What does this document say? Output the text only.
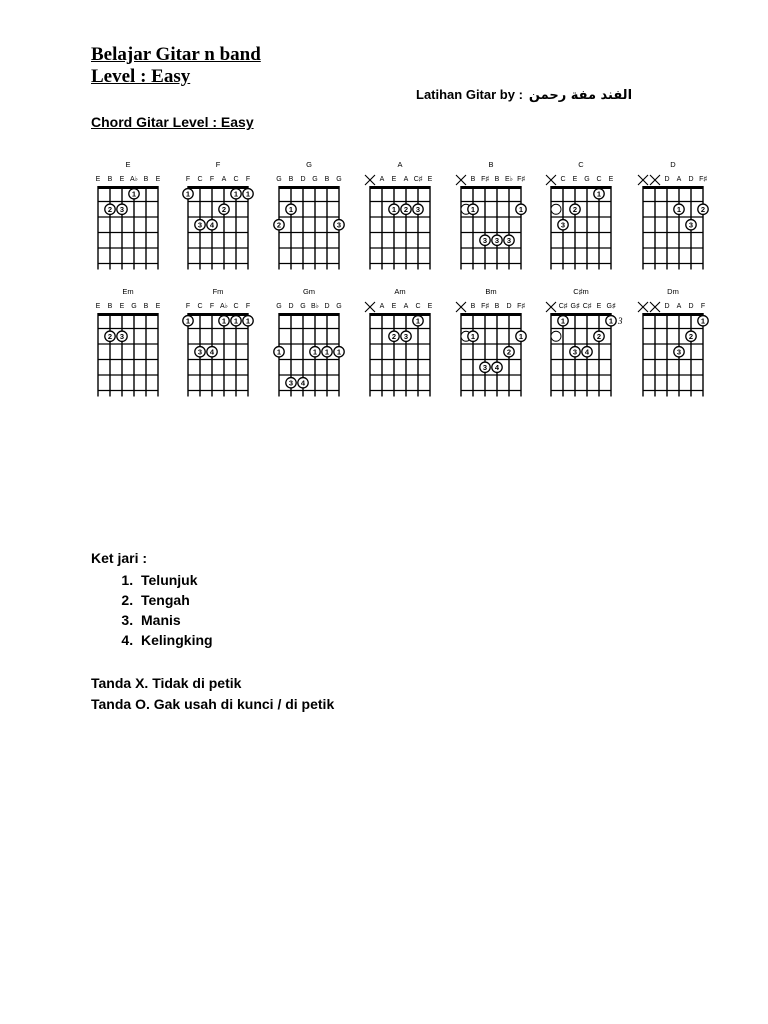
Belajar Gitar n band
Level : Easy
Latihan Gitar by : الفند مفة رحمن
Chord Gitar Level : Easy
E
E B E A♭ B E
1
2 3
F
F C F A C F
1	1 1
2
3 4
G
G B D G B G
1
2	3
A
A E A C♯ E
1 2 3
B
B F♯ B E♭ F♯
1	1
3 3 3
C
C E G C E
1
2
3
D
D A D F♯
1	2
3
Em
E B E G B E
2 3
Fm
F C F A♭ C F
1	1 1 1
3 4
Gm
G D G B♭ D G
1	1 1 1
3 4
Am
A E A C E
1
2 3
Bm
B F♯ B D F♯
1	1
2
3 4
C♯m
C♯ G♯ C♯ E G♯
1	1
2
3 4
3
Dm
D A D F
1
2
3
Ket jari :
1. Telunjuk
2. Tengah
3. Manis
4. Kelingking
Tanda X. Tidak di petik
Tanda O. Gak usah di kunci / di petik
